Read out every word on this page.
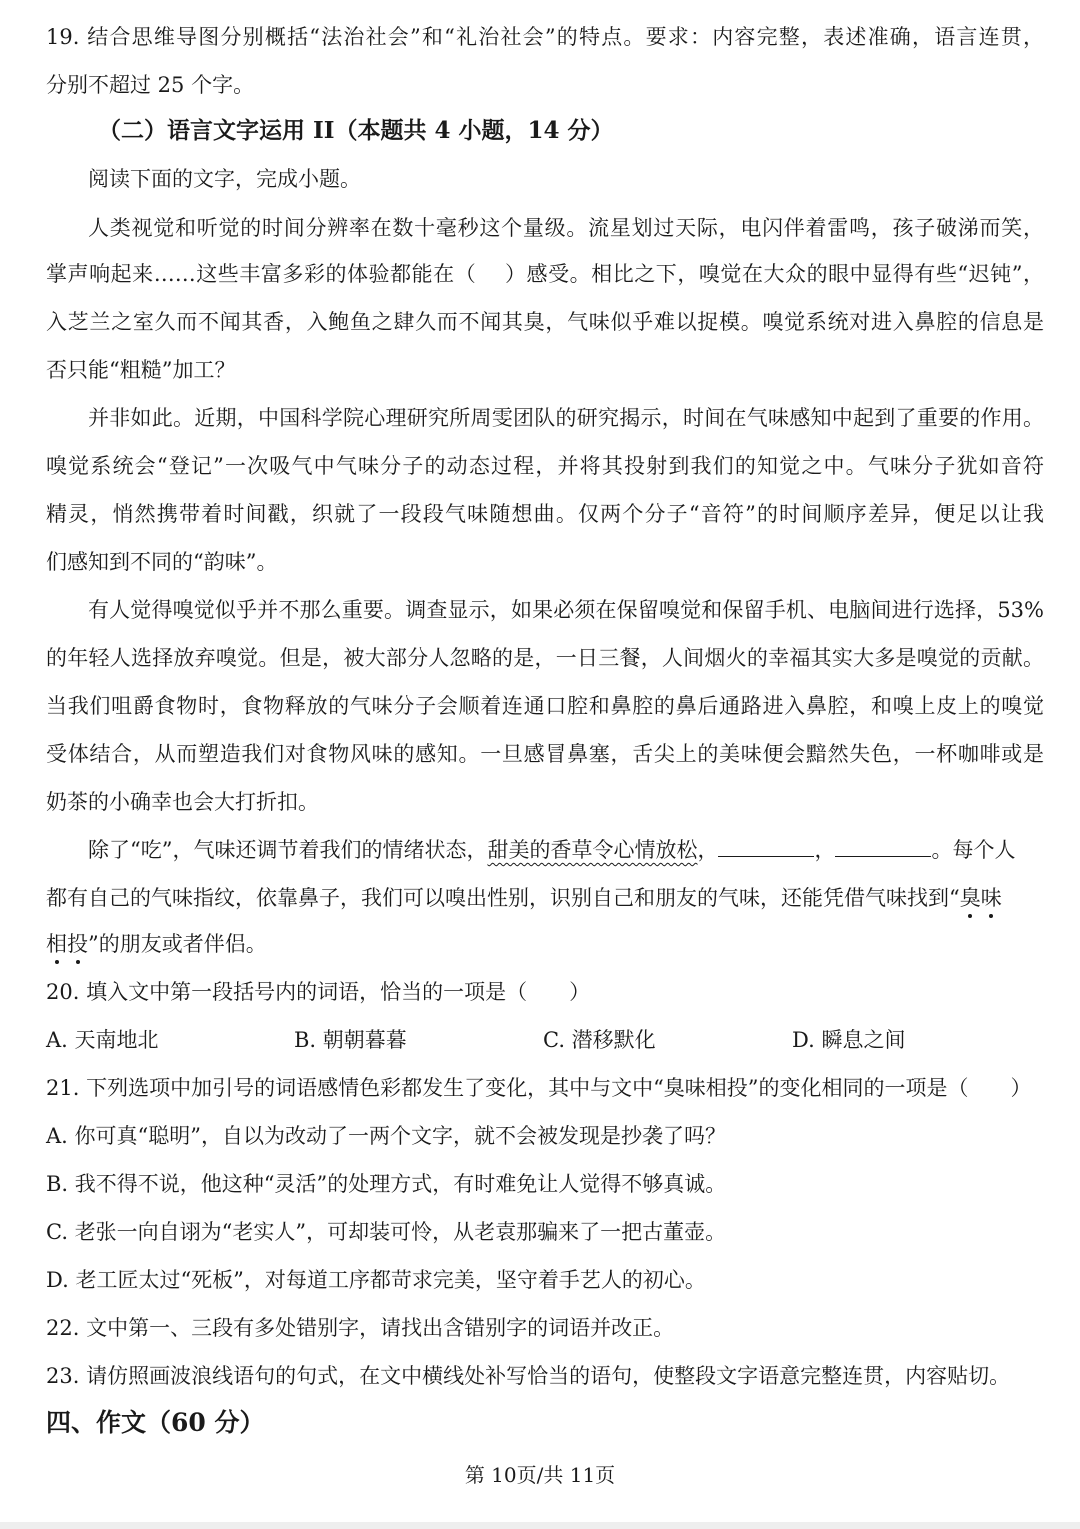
19. 结合思维导图分别概括“法治社会”和“礼治社会”的特点。要求：内容完整，表述准确，语言连贯，
分别不超过 25 个字。
（二）语言文字运用 II（本题共 4 小题，14 分）
阅读下面的文字，完成小题。
人类视觉和听觉的时间分辨率在数十毫秒这个量级。流星划过天际，电闪伴着雷鸣，孩子破涕而笑，
掌声响起来……这些丰富多彩的体验都能在（　 ）感受。相比之下，嗅觉在大众的眼中显得有些“迟钝”，
入芝兰之室久而不闻其香，入鲍鱼之肆久而不闻其臭，气味似乎难以捉模。嗅觉系统对进入鼻腔的信息是
否只能“粗糙”加工？
并非如此。近期，中国科学院心理研究所周雯团队的研究揭示，时间在气味感知中起到了重要的作用。
嗅觉系统会“登记”一次吸气中气味分子的动态过程，并将其投射到我们的知觉之中。气味分子犹如音符
精灵，悄然携带着时间戳，织就了一段段气味随想曲。仅两个分子“音符”的时间顺序差异，便足以让我
们感知到不同的“韵味”。
有人觉得嗅觉似乎并不那么重要。调查显示，如果必须在保留嗅觉和保留手机、电脑间进行选择，53%
的年轻人选择放弃嗅觉。但是，被大部分人忽略的是，一日三餐，人间烟火的幸福其实大多是嗅觉的贡献。
当我们咀爵食物时，食物释放的气味分子会顺着连通口腔和鼻腔的鼻后通路进入鼻腔，和嗅上皮上的嗅觉
受体结合，从而塑造我们对食物风味的感知。一旦感冒鼻塞，舌尖上的美味便会黯然失色，一杯咖啡或是
奶茶的小确幸也会大打折扣。
除了“吃”，气味还调节着我们的情绪状态，甜美的香草令心情放松，	，	。每个人
都有自己的气味指纹，依靠鼻子，我们可以嗅出性别，识别自己和朋友的气味，还能凭借气味找到“臭味
相投”的朋友或者伴侣。
20. 填入文中第一段括号内的词语，恰当的一项是（　　）
A. 天南地北	B. 朝朝暮暮	C. 潜移默化	D. 瞬息之间
21. 下列选项中加引号的词语感情色彩都发生了变化，其中与文中“臭味相投”的变化相同的一项是（　　）
A. 你可真“聪明”，自以为改动了一两个文字，就不会被发现是抄袭了吗？
B. 我不得不说，他这种“灵活”的处理方式，有时难免让人觉得不够真诚。
C. 老张一向自诩为“老实人”，可却装可怜，从老袁那骗来了一把古董壶。
D. 老工匠太过“死板”，对每道工序都苛求完美，坚守着手艺人的初心。
22. 文中第一、三段有多处错别字，请找出含错别字的词语并改正。
23. 请仿照画波浪线语句的句式，在文中横线处补写恰当的语句，使整段文字语意完整连贯，内容贴切。
四、作文（60 分）
第 10页/共 11页
